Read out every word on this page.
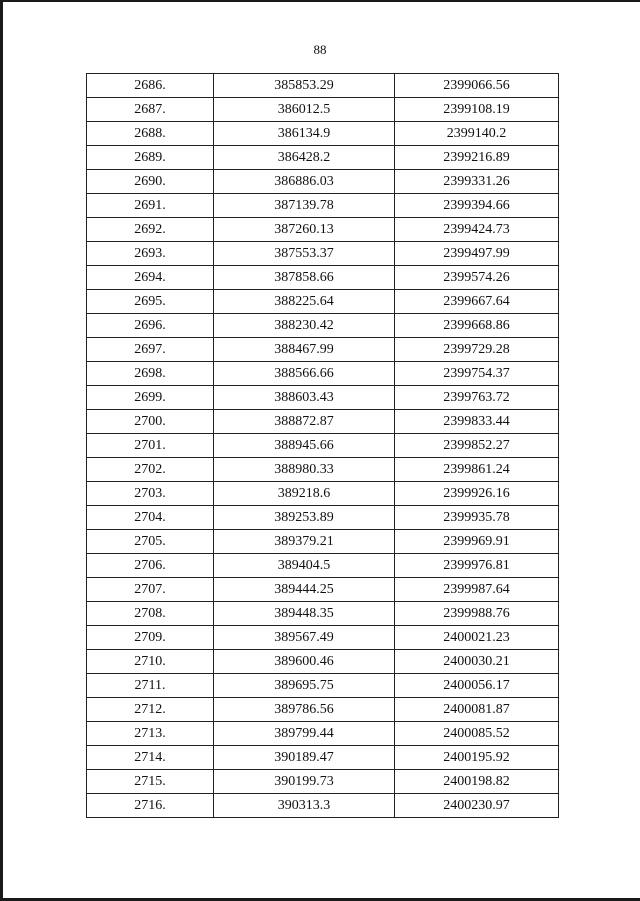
88
2686.	385853.29	2399066.56
2687.	386012.5	2399108.19
2688.	386134.9	2399140.2
2689.	386428.2	2399216.89
2690.	386886.03	2399331.26
2691.	387139.78	2399394.66
2692.	387260.13	2399424.73
2693.	387553.37	2399497.99
2694.	387858.66	2399574.26
2695.	388225.64	2399667.64
2696.	388230.42	2399668.86
2697.	388467.99	2399729.28
2698.	388566.66	2399754.37
2699.	388603.43	2399763.72
2700.	388872.87	2399833.44
2701.	388945.66	2399852.27
2702.	388980.33	2399861.24
2703.	389218.6	2399926.16
2704.	389253.89	2399935.78
2705.	389379.21	2399969.91
2706.	389404.5	2399976.81
2707.	389444.25	2399987.64
2708.	389448.35	2399988.76
2709.	389567.49	2400021.23
2710.	389600.46	2400030.21
2711.	389695.75	2400056.17
2712.	389786.56	2400081.87
2713.	389799.44	2400085.52
2714.	390189.47	2400195.92
2715.	390199.73	2400198.82
2716.	390313.3	2400230.97
